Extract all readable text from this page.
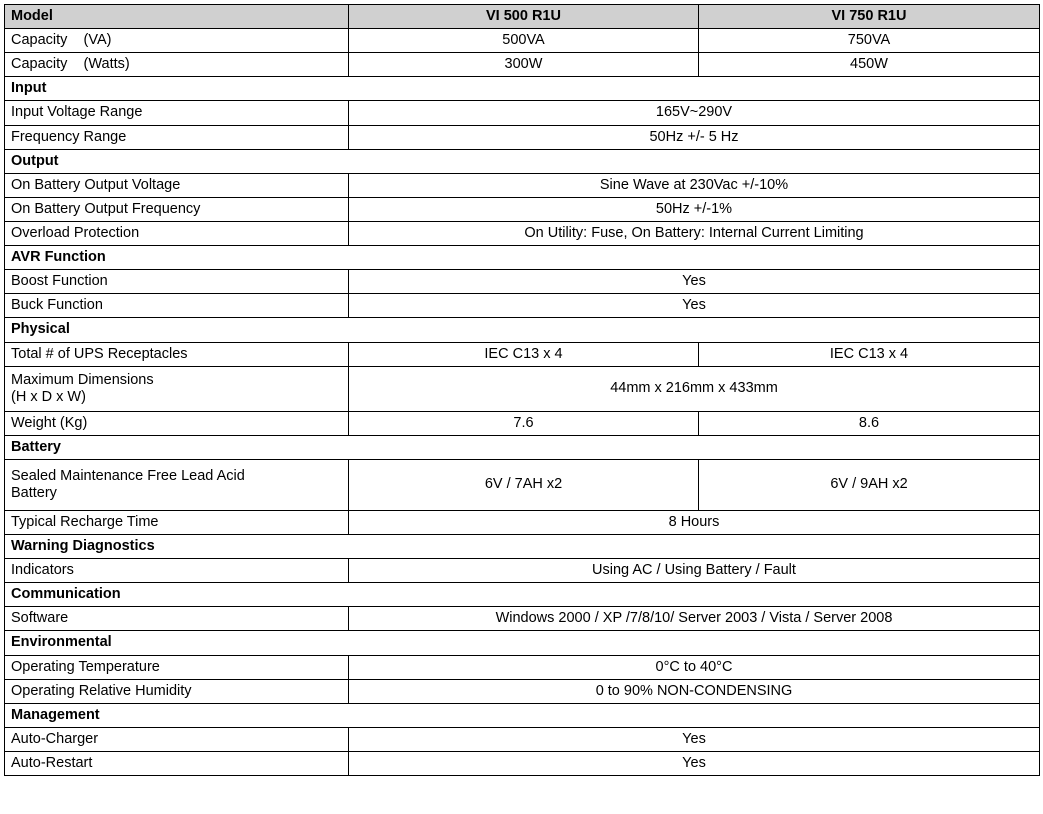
Model	VI 500 R1U	VI 750 R1U
Capacity (VA)	500VA	750VA
Capacity (Watts)	300W	450W
Input		
Input Voltage Range	165V~290V	
Frequency Range	50Hz +/- 5 Hz	
Output		
On Battery Output Voltage	Sine Wave at 230Vac +/-10%	
On Battery Output Frequency	50Hz +/-1%	
Overload Protection	On Utility: Fuse, On Battery: Internal Current Limiting	
AVR Function		
Boost Function	Yes	
Buck Function	Yes	
Physical		
Total # of UPS Receptacles	IEC C13 x 4	IEC C13 x 4

Maximum Dimensions
(H x D x W)	44mm x 216mm x 433mm	
Weight (Kg)	7.6	8.6
Battery		

Sealed Maintenance Free Lead Acid
Battery	6V / 7AH x2	6V / 9AH x2
Typical Recharge Time	8 Hours	
Warning Diagnostics		
Indicators	Using AC / Using Battery / Fault	
Communication		
Software	Windows 2000 / XP /7/8/10/ Server 2003 / Vista / Server 2008	
Environmental		
Operating Temperature	0°C to 40°C	
Operating Relative Humidity	0 to 90% NON-CONDENSING	
Management		
Auto-Charger	Yes	
Auto-Restart	Yes	
